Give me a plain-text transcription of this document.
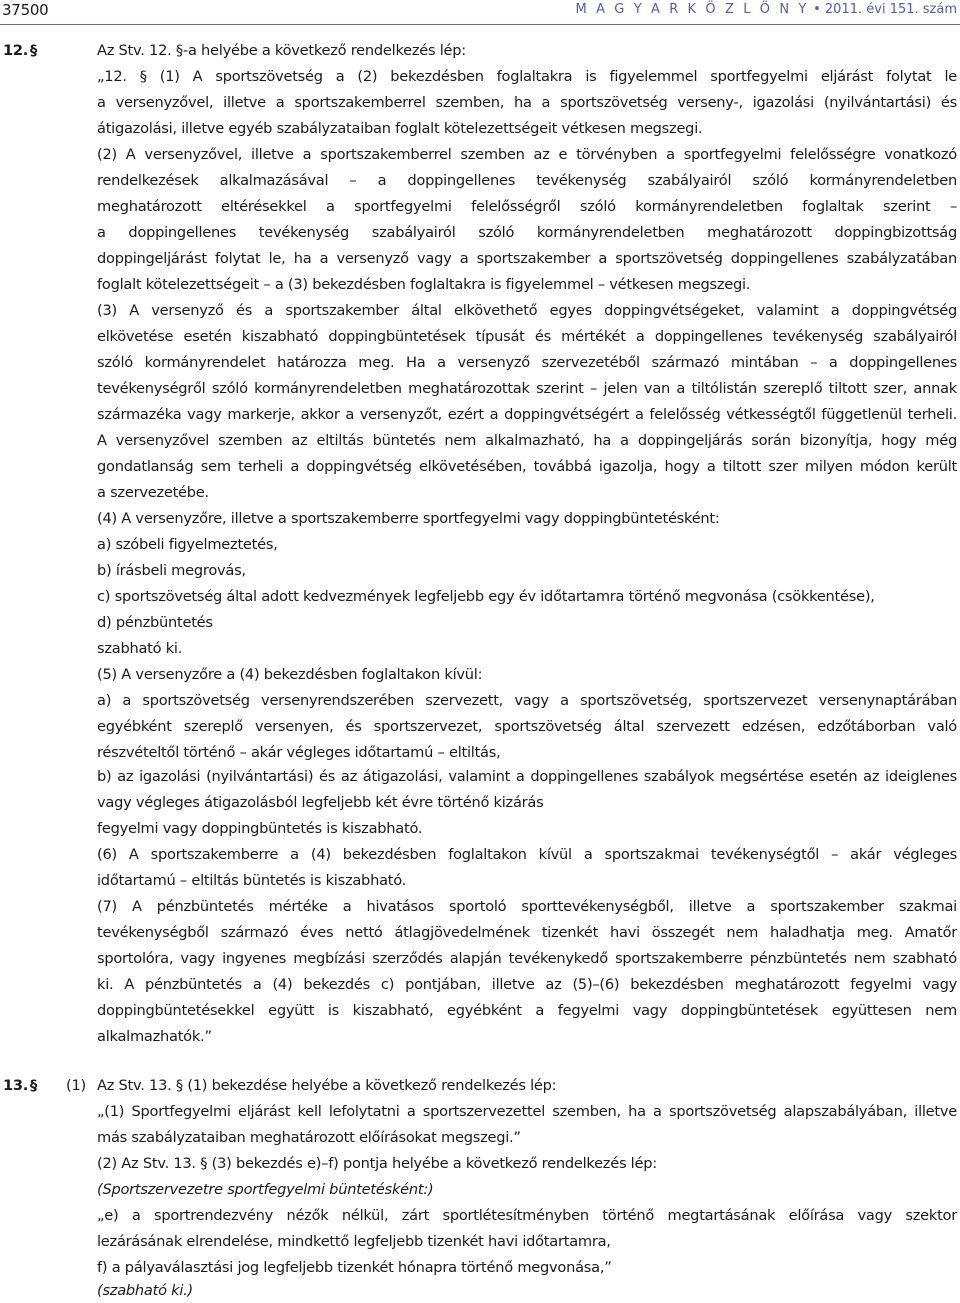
37500	M A G Y A R K Ö Z L Ö N Y • 2011. évi 151. szám
12. §	Az Stv. 12. §-a helyébe a következő rendelkezés lép:
„12. § (1) A sportszövetség a (2) bekezdésben foglaltakra is figyelemmel sportfegyelmi eljárást folytat le
a versenyzővel, illetve a sportszakemberrel szemben, ha a sportszövetség verseny-, igazolási (nyilvántartási) és
átigazolási, illetve egyéb szabályzataiban foglalt kötelezettségeit vétkesen megszegi.
(2) A versenyzővel, illetve a sportszakemberrel szemben az e törvényben a sportfegyelmi felelősségre vonatkozó
rendelkezések alkalmazásával – a doppingellenes tevékenység szabályairól szóló kormányrendeletben
meghatározott eltérésekkel a sportfegyelmi felelősségről szóló kormányrendeletben foglaltak szerint –
a doppingellenes tevékenység szabályairól szóló kormányrendeletben meghatározott doppingbizottság
doppingeljárást folytat le, ha a versenyző vagy a sportszakember a sportszövetség doppingellenes szabályzatában
foglalt kötelezettségeit – a (3) bekezdésben foglaltakra is figyelemmel – vétkesen megszegi.
(3) A versenyző és a sportszakember által elkövethető egyes doppingvétségeket, valamint a doppingvétség
elkövetése esetén kiszabható doppingbüntetések típusát és mértékét a doppingellenes tevékenység szabályairól
szóló kormányrendelet határozza meg. Ha a versenyző szervezetéből származó mintában – a doppingellenes
tevékenységről szóló kormányrendeletben meghatározottak szerint – jelen van a tiltólistán szereplő tiltott szer, annak
származéka vagy markerje, akkor a versenyzőt, ezért a doppingvétségért a felelősség vétkességtől függetlenül terheli.
A versenyzővel szemben az eltiltás büntetés nem alkalmazható, ha a doppingeljárás során bizonyítja, hogy még
gondatlanság sem terheli a doppingvétség elkövetésében, továbbá igazolja, hogy a tiltott szer milyen módon került
a szervezetébe.
(4) A versenyzőre, illetve a sportszakemberre sportfegyelmi vagy doppingbüntetésként:
a) szóbeli figyelmeztetés,
b) írásbeli megrovás,
c) sportszövetség által adott kedvezmények legfeljebb egy év időtartamra történő megvonása (csökkentése),
d) pénzbüntetés
szabható ki.
(5) A versenyzőre a (4) bekezdésben foglaltakon kívül:
a) a sportszövetség versenyrendszerében szervezett, vagy a sportszövetség, sportszervezet versenynaptárában
egyébként szereplő versenyen, és sportszervezet, sportszövetség által szervezett edzésen, edzőtáborban való
részvételtől történő – akár végleges időtartamú – eltiltás,
b) az igazolási (nyilvántartási) és az átigazolási, valamint a doppingellenes szabályok megsértése esetén az ideiglenes
vagy végleges átigazolásból legfeljebb két évre történő kizárás
fegyelmi vagy doppingbüntetés is kiszabható.
(6) A sportszakemberre a (4) bekezdésben foglaltakon kívül a sportszakmai tevékenységtől – akár végleges
időtartamú – eltiltás büntetés is kiszabható.
(7) A pénzbüntetés mértéke a hivatásos sportoló sporttevékenységből, illetve a sportszakember szakmai
tevékenységből származó éves nettó átlagjövedelmének tizenkét havi összegét nem haladhatja meg. Amatőr
sportolóra, vagy ingyenes megbízási szerződés alapján tevékenykedő sportszakemberre pénzbüntetés nem szabható
ki. A pénzbüntetés a (4) bekezdés c) pontjában, illetve az (5)–(6) bekezdésben meghatározott fegyelmi vagy
doppingbüntetésekkel együtt is kiszabható, egyébként a fegyelmi vagy doppingbüntetések együttesen nem
alkalmazhatók.”
13. § (1) Az Stv. 13. § (1) bekezdése helyébe a következő rendelkezés lép:
„(1) Sportfegyelmi eljárást kell lefolytatni a sportszervezettel szemben, ha a sportszövetség alapszabályában, illetve
más szabályzataiban meghatározott előírásokat megszegi.”
(2) Az Stv. 13. § (3) bekezdés e)–f) pontja helyébe a következő rendelkezés lép:
(Sportszervezetre sportfegyelmi büntetésként:)
„e) a sportrendezvény nézők nélkül, zárt sportlétesítményben történő megtartásának előírása vagy szektor
lezárásának elrendelése, mindkettő legfeljebb tizenkét havi időtartamra,
f) a pályaválasztási jog legfeljebb tizenkét hónapra történő megvonása,”
(szabható ki.)
